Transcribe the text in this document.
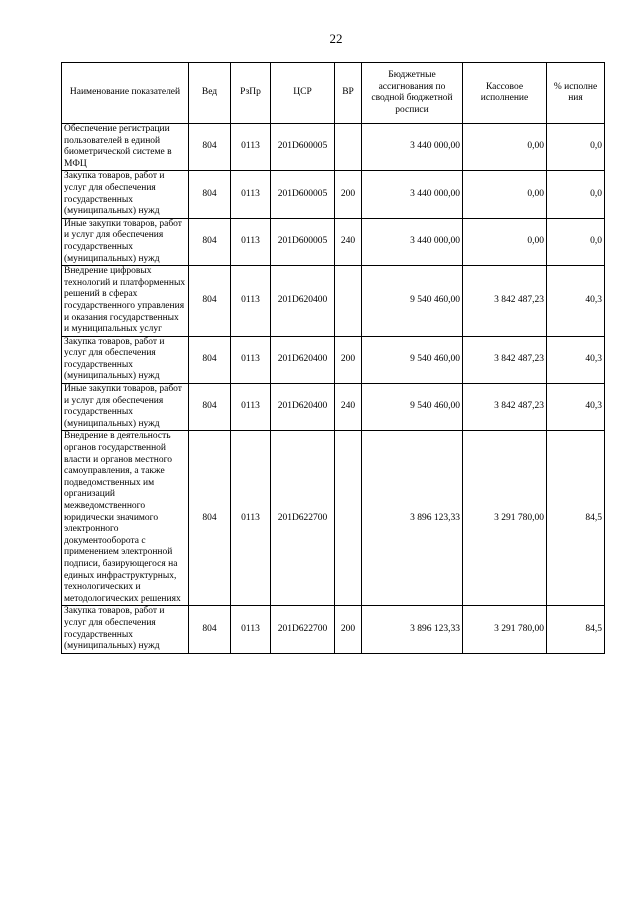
22
Наименование показателей	Вед	РзПр	ЦСР	ВР	Бюджетные ассигнования по сводной бюджетной росписи	Кассовое исполнение	% исполне ния
Обеспечение регистрации пользователей в единой биометрической системе в МФЦ	804	0113	201D600005		3 440 000,00	0,00	0,0
Закупка товаров, работ и услуг для обеспечения государственных (муниципальных) нужд	804	0113	201D600005	200	3 440 000,00	0,00	0,0
Иные закупки товаров, работ и услуг для обеспечения государственных (муниципальных) нужд	804	0113	201D600005	240	3 440 000,00	0,00	0,0
Внедрение цифровых технологий и платформенных решений в сферах государственного управления и оказания государственных и муниципальных услуг	804	0113	201D620400		9 540 460,00	3 842 487,23	40,3
Закупка товаров, работ и услуг для обеспечения государственных (муниципальных) нужд	804	0113	201D620400	200	9 540 460,00	3 842 487,23	40,3
Иные закупки товаров, работ и услуг для обеспечения государственных (муниципальных) нужд	804	0113	201D620400	240	9 540 460,00	3 842 487,23	40,3
Внедрение в деятельность органов государственной власти и органов местного самоуправления, а также подведомственных им организаций межведомственного юридически значимого электронного документооборота с применением электронной подписи, базирующегося на единых инфраструктурных, технологических и методологических решениях	804	0113	201D622700		3 896 123,33	3 291 780,00	84,5
Закупка товаров, работ и услуг для обеспечения государственных (муниципальных) нужд	804	0113	201D622700	200	3 896 123,33	3 291 780,00	84,5
